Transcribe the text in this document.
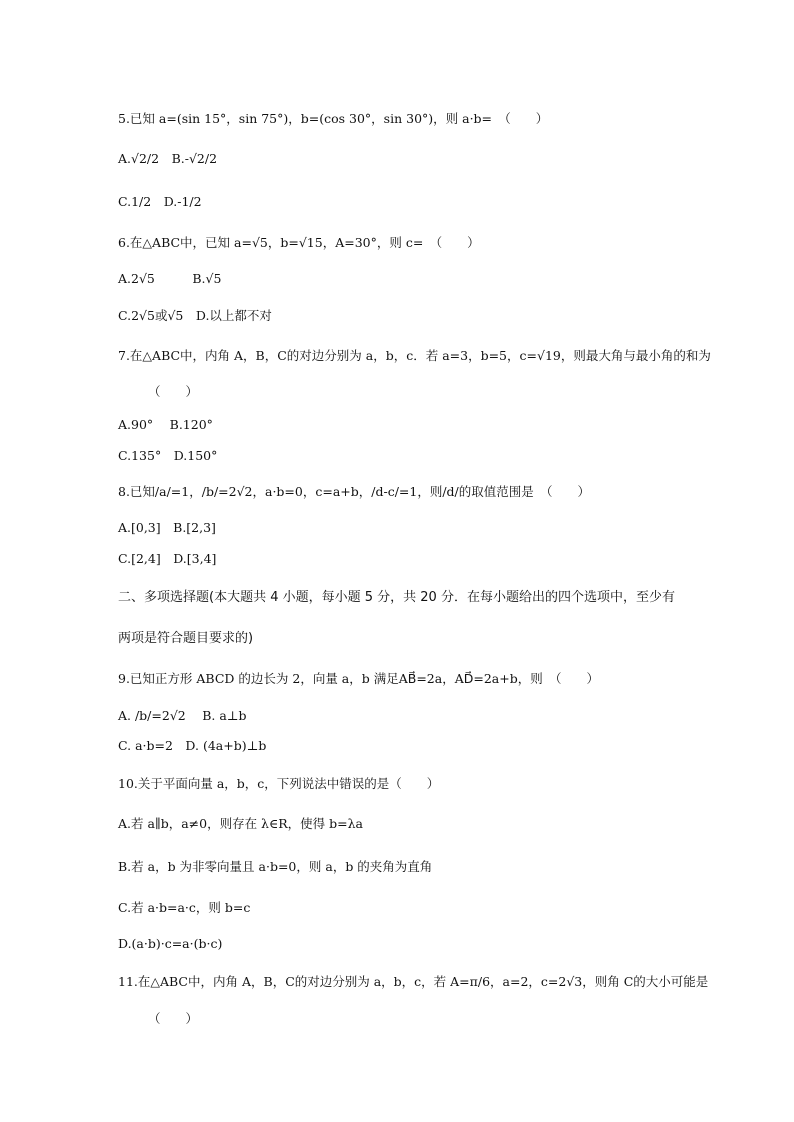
5.已知 a=(sin 15°，sin 75°)，b=(cos 30°，sin 30°)，则 a·b=　（　　）
A.√2/2　B.-√2/2
C.1/2　D.-1/2
6.在△ABC中，已知 a=√5，b=√15，A=30°，则 c=　（　　）
A.2√5　　　B.√5
C.2√5或√5　D.以上都不对
7.在△ABC中，内角 A，B，C的对边分别为 a，b，c．若 a=3，b=5，c=√19，则最大角与最小角的和为
（　　）
A.90°　 B.120°
C.135°　D.150°
8.已知/a/=1，/b/=2√2，a·b=0，c=a+b，/d-c/=1，则/d/的取值范围是　（　　）
A.[0,3]　B.[2,3]
C.[2,4]　D.[3,4]
二、多项选择题(本大题共 4 小题，每小题 5 分，共 20 分．在每小题给出的四个选项中，至少有
两项是符合题目要求的)
9.已知正方形 ABCD 的边长为 2，向量 a，b 满足AB⃗=2a，AD⃗=2a+b，则　（　　）
A. /b/=2√2　 B. a⊥b
C. a·b=2　D. (4a+b)⊥b
10.关于平面向量 a，b，c，下列说法中错误的是（　　）
A.若 a∥b，a≠0，则存在 λ∈R，使得 b=λa
B.若 a，b 为非零向量且 a·b=0，则 a，b 的夹角为直角
C.若 a·b=a·c，则 b=c
D.(a·b)·c=a·(b·c)
11.在△ABC中，内角 A，B，C的对边分别为 a，b，c，若 A=π/6，a=2，c=2√3，则角 C的大小可能是
（　　）
